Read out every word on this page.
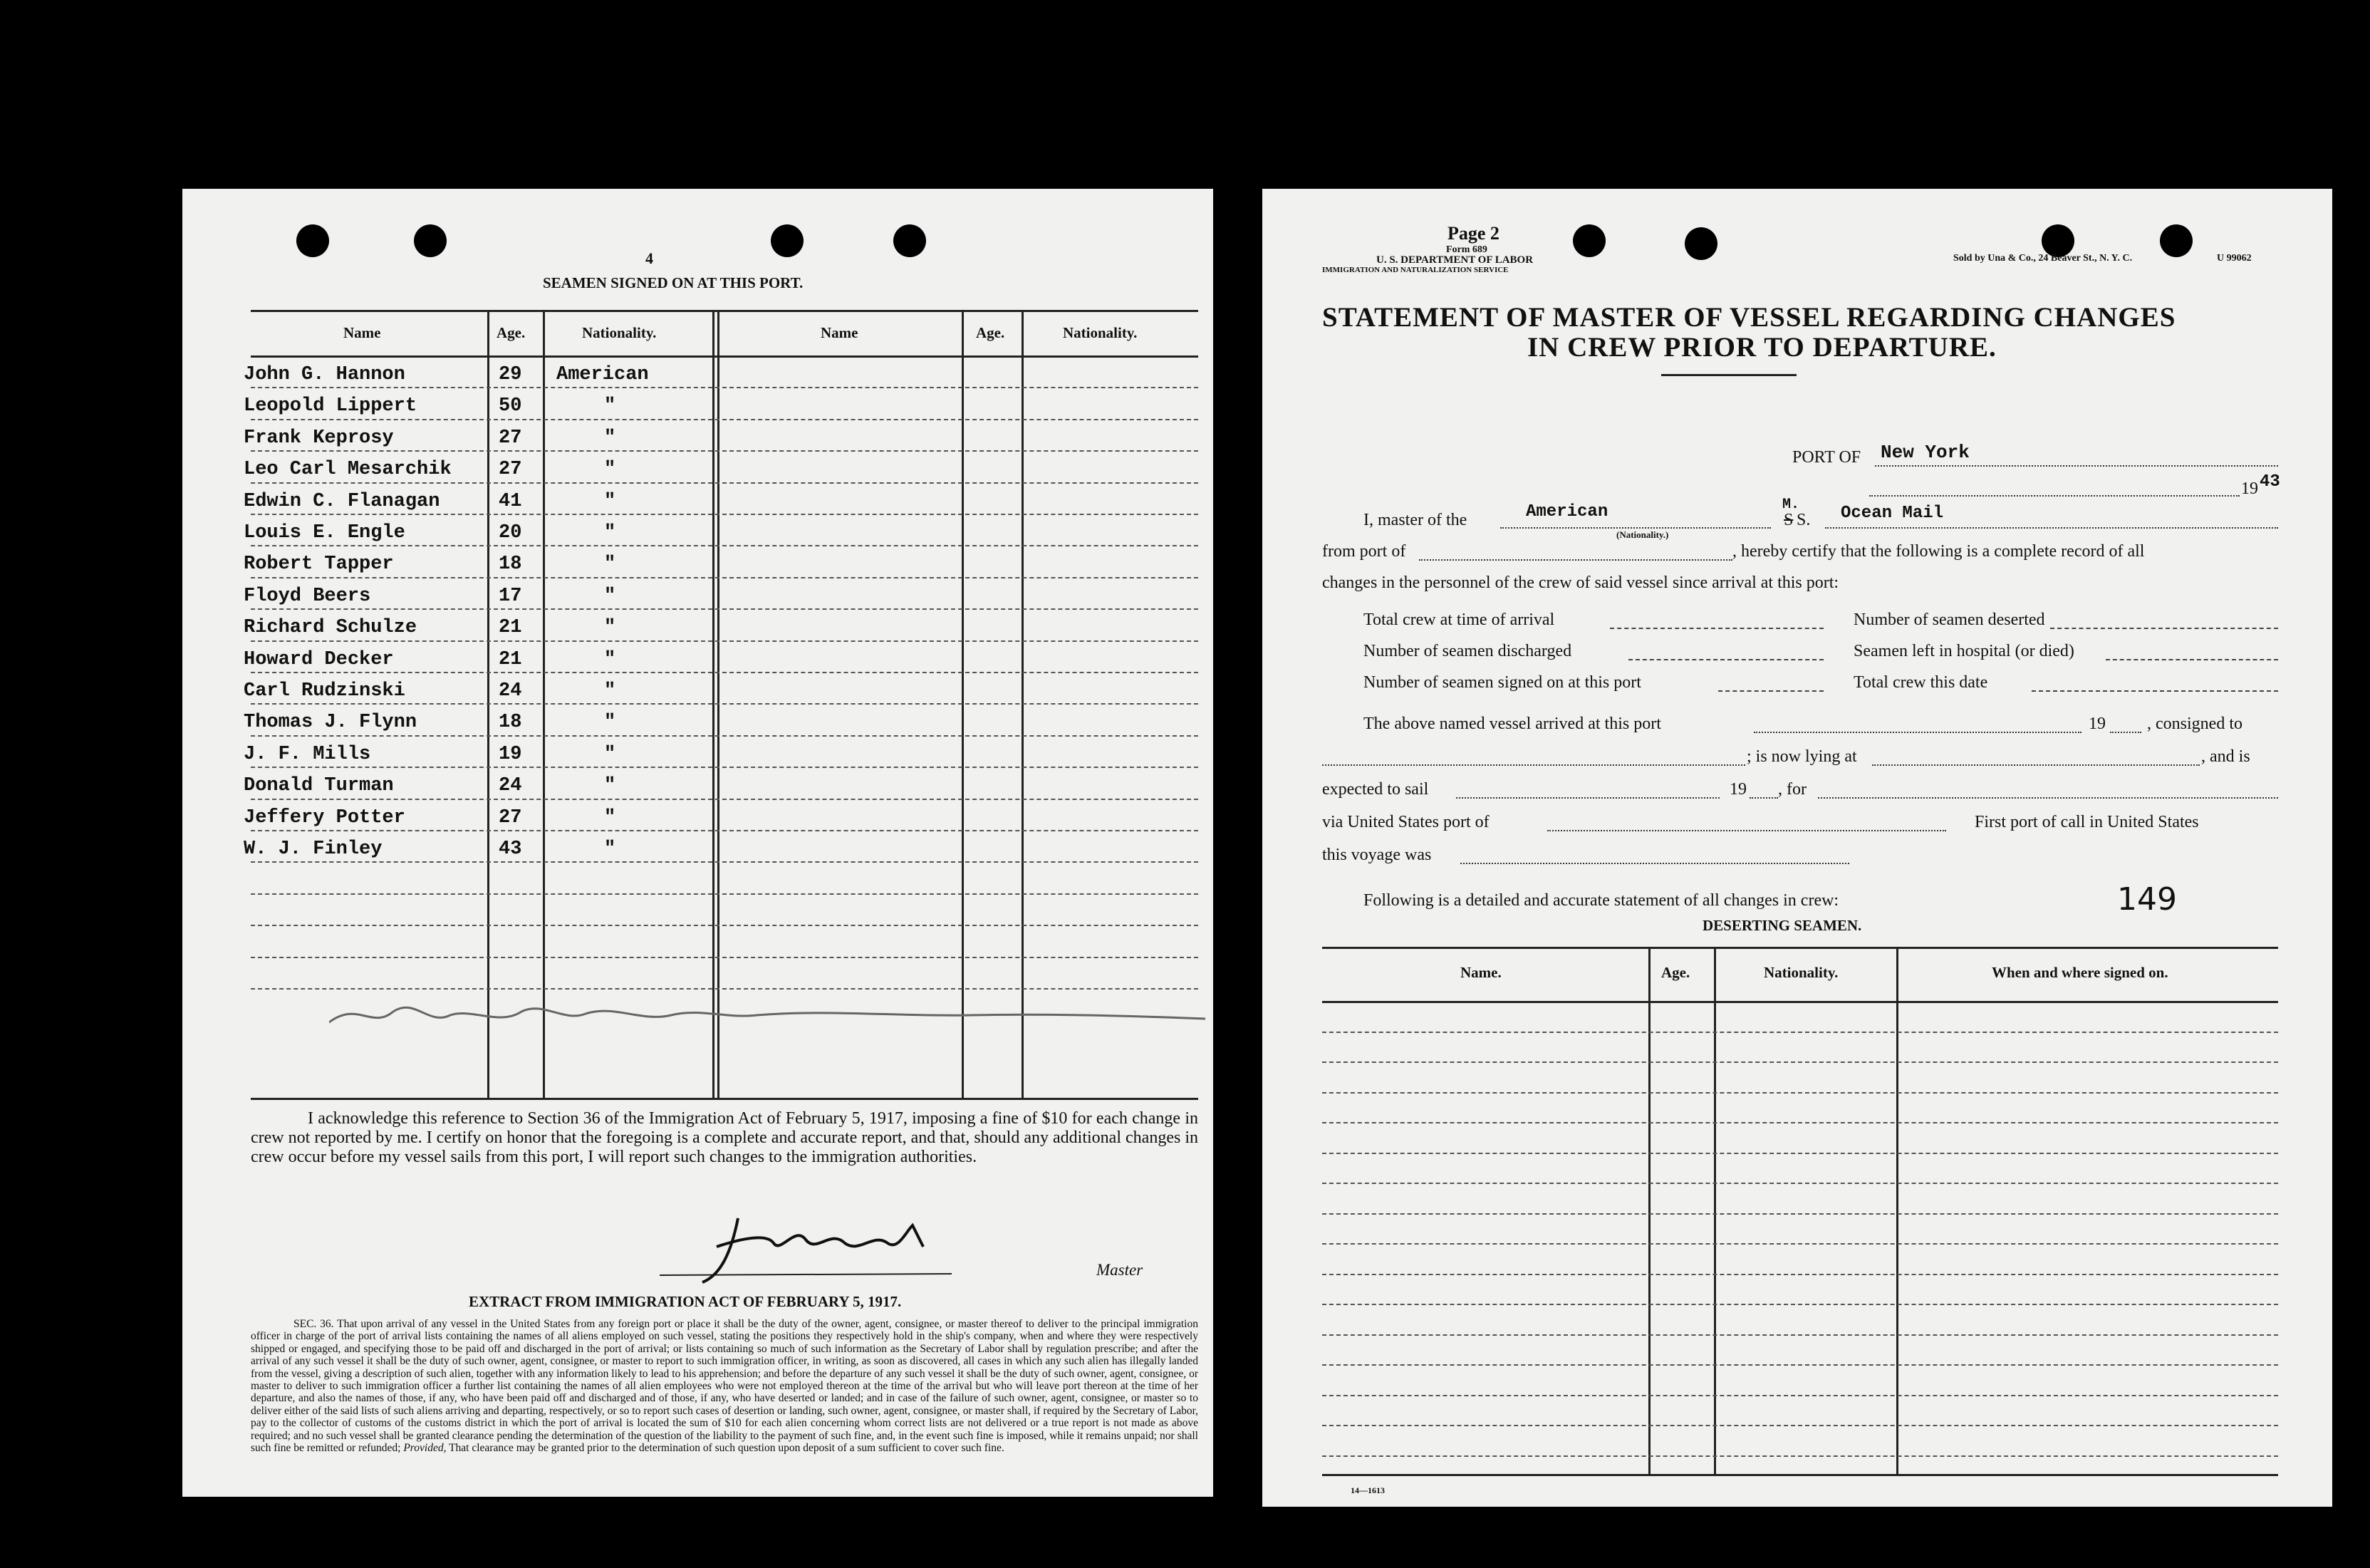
4
SEAMEN SIGNED ON AT THIS PORT.
Name	Age.	Nationality.	Name	Age.	Nationality.
John G. Hannon	29 American
Leopold Lippert	50	"
Frank Keprosy	27	"
Leo Carl Mesarchik 27	"
Edwin C. Flanagan	41	"
Louis E. Engle	20	"
Robert Tapper	18	"
Floyd Beers	17	"
Richard Schulze	21	"
Howard Decker	21	"
Carl Rudzinski	24	"
Thomas J. Flynn	18	"
J. F. Mills	19	"
Donald Turman	24	"
Jeffery Potter	27	"
W. J. Finley	43	"
I acknowledge this reference to Section 36 of the Immigration Act of February 5, 1917, imposing a fine of $10 for each change in crew not reported by me. I certify on honor that the foregoing is a complete and accurate report, and that, should any additional changes in crew occur before my vessel sails from this port, I will report such changes to the immigration authorities.
Master
EXTRACT FROM IMMIGRATION ACT OF FEBRUARY 5, 1917.
SEC. 36. That upon arrival of any vessel in the United States from any foreign port or place it shall be the duty of the owner, agent, consignee, or master thereof to deliver to the principal immigration officer in charge of the port of arrival lists containing the names of all aliens employed on such vessel, stating the positions they respectively hold in the ship's company, when and where they were respectively shipped or engaged, and specifying those to be paid off and discharged in the port of arrival; or lists containing so much of such information as the Secretary of Labor shall by regulation prescribe; and after the arrival of any such vessel it shall be the duty of such owner, agent, consignee, or master to report to such immigration officer, in writing, as soon as discovered, all cases in which any such alien has illegally landed from the vessel, giving a description of such alien, together with any information likely to lead to his apprehension; and before the departure of any such vessel it shall be the duty of such owner, agent, consignee, or master to deliver to such immigration officer a further list containing the names of all alien employees who were not employed thereon at the time of the arrival but who will leave port thereon at the time of her departure, and also the names of those, if any, who have been paid off and discharged and of those, if any, who have deserted or landed; and in case of the failure of such owner, agent, consignee, or master so to deliver either of the said lists of such aliens arriving and departing, respectively, or so to report such cases of desertion or landing, such owner, agent, consignee, or master shall, if required by the Secretary of Labor, pay to the collector of customs of the customs district in which the port of arrival is located the sum of $10 for each alien concerning whom correct lists are not delivered or a true report is not made as above required; and no such vessel shall be granted clearance pending the determination of the question of the liability to the payment of such fine, and, in the event such fine is imposed, while it remains unpaid; nor shall such fine be remitted or refunded; Provided, That clearance may be granted prior to the determination of such question upon deposit of a sum sufficient to cover such fine.
Page 2
Form 689
U. S. DEPARTMENT OF LABOR
IMMIGRATION AND NATURALIZATION SERVICE
Sold by Una & Co., 24 Beaver St., N. Y. C.	U 99062
STATEMENT OF MASTER OF VESSEL REGARDING CHANGES
IN CREW PRIOR TO DEPARTURE.
PORT OF New York
19 43
I, master of the	American
(Nationality.)
M.
S S. Ocean Mail
from port of	, hereby certify that the following is a complete record of all
changes in the personnel of the crew of said vessel since arrival at this port:
Total crew at time of arrival	Number of seamen deserted
Number of seamen discharged	Seamen left in hospital (or died)
Number of seamen signed on at this port	Total crew this date
The above named vessel arrived at this port	19 , consigned to
; is now lying at	, and is
expected to sail	19 , for
via United States port of	First port of call in United States
this voyage was
Following is a detailed and accurate statement of all changes in crew:	149
DESERTING SEAMEN.
Name.	Age.	Nationality.	When and where signed on.
14—1613
